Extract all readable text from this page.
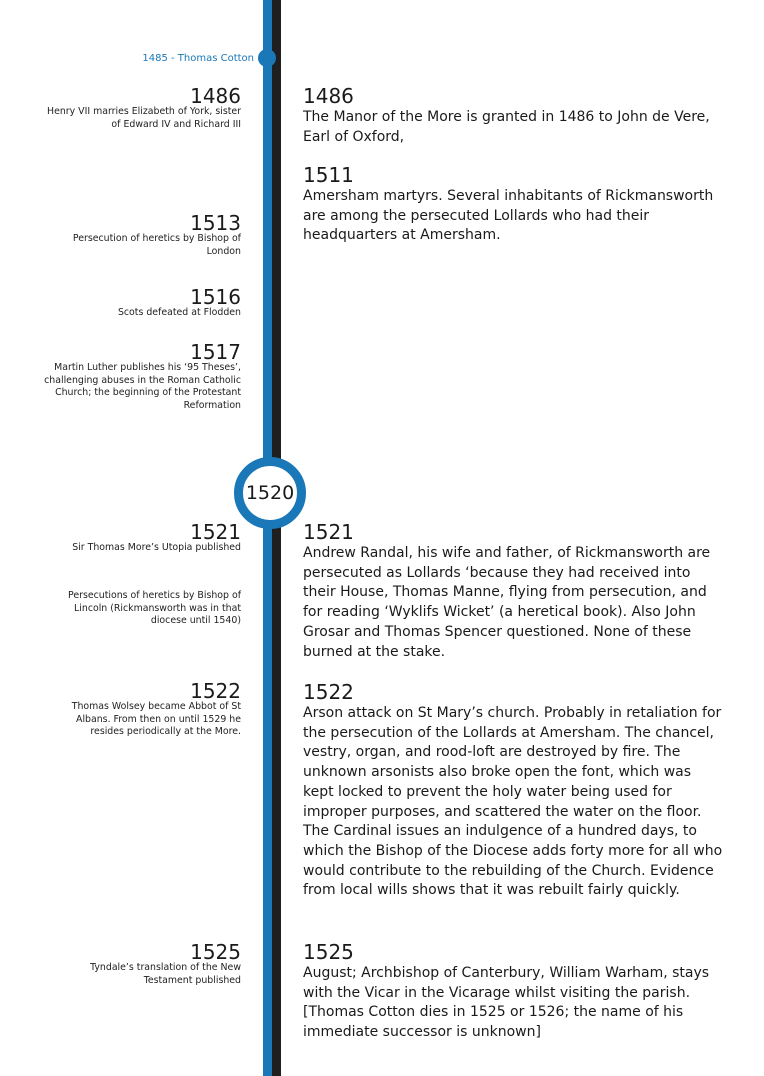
1485 - Thomas Cotton
1520
1486
Henry VII marries Elizabeth of York, sister of Edward IV and Richard III
1513
Persecution of heretics by Bishop of London
1516
Scots defeated at Flodden
1517
Martin Luther publishes his ‘95 Theses’, challenging abuses in the Roman Catholic Church; the beginning of the Protestant Reformation
1521
Sir Thomas More’s Utopia published
Persecutions of heretics by Bishop of Lincoln (Rickmansworth was in that diocese until 1540)
1522
Thomas Wolsey became Abbot of St Albans. From then on until 1529 he resides periodically at the More.
1525
Tyndale’s translation of the New Testament published
1486
The Manor of the More is granted in 1486 to John de Vere, Earl of Oxford,
1511
Amersham martyrs. Several inhabitants of Rickmansworth are among the persecuted Lollards who had their headquarters at Amersham.
1521
Andrew Randal, his wife and father, of Rickmansworth are persecuted as Lollards ‘because they had received into their House, Thomas Manne, flying from persecution, and for reading ‘Wyklifs Wicket’ (a heretical book). Also John Grosar and Thomas Spencer questioned. None of these burned at the stake.
1522
Arson attack on St Mary’s church. Probably in retaliation for the persecution of the Lollards at Amersham. The chancel, vestry, organ, and rood-loft are destroyed by fire. The unknown arsonists also broke open the font, which was kept locked to prevent the holy water being used for improper purposes, and scattered the water on the floor. The Cardinal issues an indulgence of a hundred days, to which the Bishop of the Diocese adds forty more for all who would contribute to the rebuilding of the Church. Evidence from local wills shows that it was rebuilt fairly quickly.
1525
August; Archbishop of Canterbury, William Warham, stays with the Vicar in the Vicarage whilst visiting the parish. [Thomas Cotton dies in 1525 or 1526; the name of his immediate successor is unknown]
